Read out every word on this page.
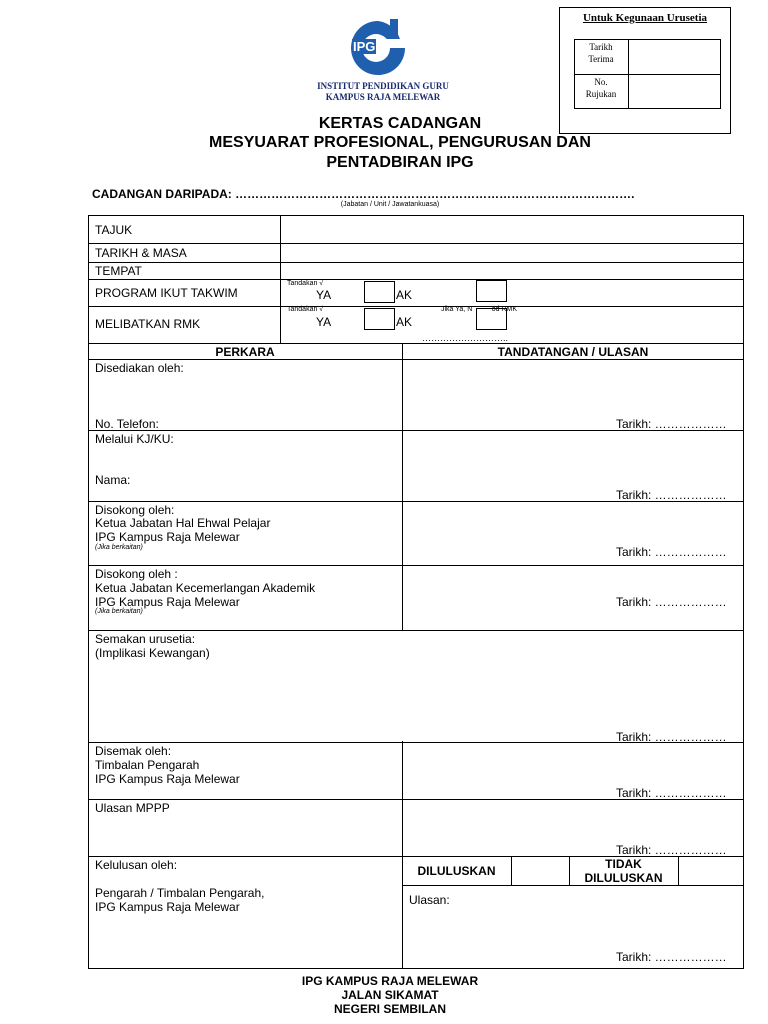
Untuk Kegunaan Urusetia
Tarikh Terima
No. Rujukan
IPG
INSTITUT PENDIDIKAN GURU
KAMPUS RAJA MELEWAR
KERTAS CADANGAN
MESYUARAT PROFESIONAL, PENGURUSAN DAN
PENTADBIRAN IPG
CADANGAN DARIPADA: ……………………………………………………………………………………….
(Jabatan / Unit / Jawatankuasa)
TAJUK
TARIKH & MASA
TEMPAT
PROGRAM IKUT TAKWIM
Tandakan √
YA	AK
MELIBATKAN RMK
Tandakan √
YA	AK
Jika Ya, N          od RMK
………………………..
PERKARA	TANDATANGAN / ULASAN
Disediakan oleh:
No. Telefon:	Tarikh: ………………
Melalui KJ/KU:
Nama:
Tarikh: ………………
Disokong oleh:
Ketua Jabatan Hal Ehwal Pelajar
IPG Kampus Raja Melewar
(Jika berkaitan)	Tarikh: ………………
Disokong oleh :
Ketua Jabatan Kecemerlangan Akademik
IPG Kampus Raja Melewar
(Jika berkaitan)
Tarikh: ………………
Semakan urusetia:
(Implikasi Kewangan)
Tarikh: ………………
Disemak oleh:
Timbalan Pengarah
IPG Kampus Raja Melewar
Tarikh: ………………
Ulasan MPPP
Tarikh: ………………
Kelulusan oleh:
Pengarah / Timbalan Pengarah,
IPG Kampus Raja Melewar
DILULUSKAN	TIDAK
DILULUSKAN
Ulasan:
Tarikh: ………………
IPG KAMPUS RAJA MELEWAR
JALAN SIKAMAT
NEGERI SEMBILAN
